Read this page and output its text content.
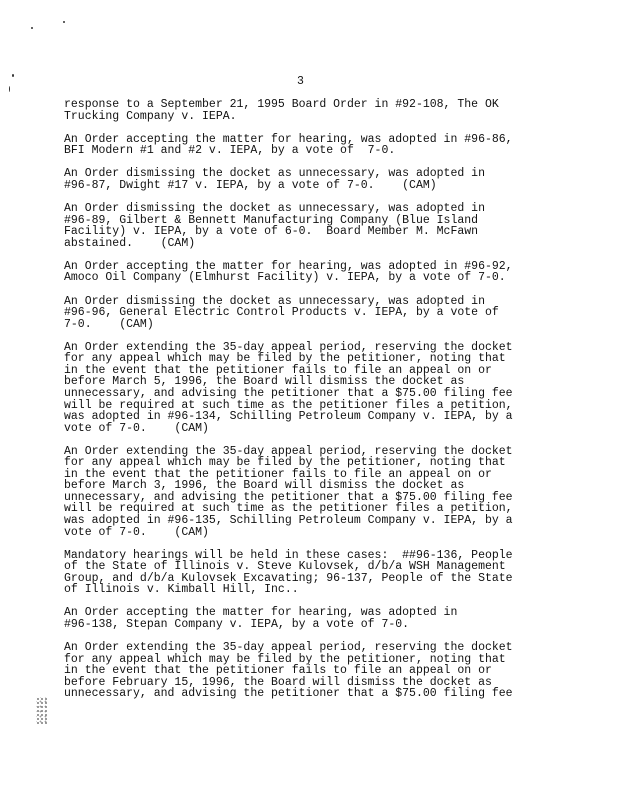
3
response to a September 21, 1995 Board Order in #92-108, The OK
Trucking Company v. IEPA.
An Order accepting the matter for hearing, was adopted in #96-86,
BFI Modern #1 and #2 v. IEPA, by a vote of  7-0.
An Order dismissing the docket as unnecessary, was adopted in
#96-87, Dwight #17 v. IEPA, by a vote of 7-0.    (CAM)
An Order dismissing the docket as unnecessary, was adopted in
#96-89, Gilbert & Bennett Manufacturing Company (Blue Island
Facility) v. IEPA, by a vote of 6-0.  Board Member M. McFawn
abstained.    (CAM)
An Order accepting the matter for hearing, was adopted in #96-92,
Amoco Oil Company (Elmhurst Facility) v. IEPA, by a vote of 7-0.
An Order dismissing the docket as unnecessary, was adopted in
#96-96, General Electric Control Products v. IEPA, by a vote of
7-0.    (CAM)
An Order extending the 35-day appeal period, reserving the docket
for any appeal which may be filed by the petitioner, noting that
in the event that the petitioner fails to file an appeal on or
before March 5, 1996, the Board will dismiss the docket as
unnecessary, and advising the petitioner that a $75.00 filing fee
will be required at such time as the petitioner files a petition,
was adopted in #96-134, Schilling Petroleum Company v. IEPA, by a
vote of 7-0.    (CAM)
An Order extending the 35-day appeal period, reserving the docket
for any appeal which may be filed by the petitioner, noting that
in the event that the petitioner fails to file an appeal on or
before March 3, 1996, the Board will dismiss the docket as
unnecessary, and advising the petitioner that a $75.00 filing fee
will be required at such time as the petitioner files a petition,
was adopted in #96-135, Schilling Petroleum Company v. IEPA, by a
vote of 7-0.    (CAM)
Mandatory hearings will be held in these cases:  ##96-136, People
of the State of Illinois v. Steve Kulovsek, d/b/a WSH Management
Group, and d/b/a Kulovsek Excavating; 96-137, People of the State
of Illinois v. Kimball Hill, Inc..
An Order accepting the matter for hearing, was adopted in
#96-138, Stepan Company v. IEPA, by a vote of 7-0.
An Order extending the 35-day appeal period, reserving the docket
for any appeal which may be filed by the petitioner, noting that
in the event that the petitioner fails to file an appeal on or
before February 15, 1996, the Board will dismiss the docket as
unnecessary, and advising the petitioner that a $75.00 filing fee
